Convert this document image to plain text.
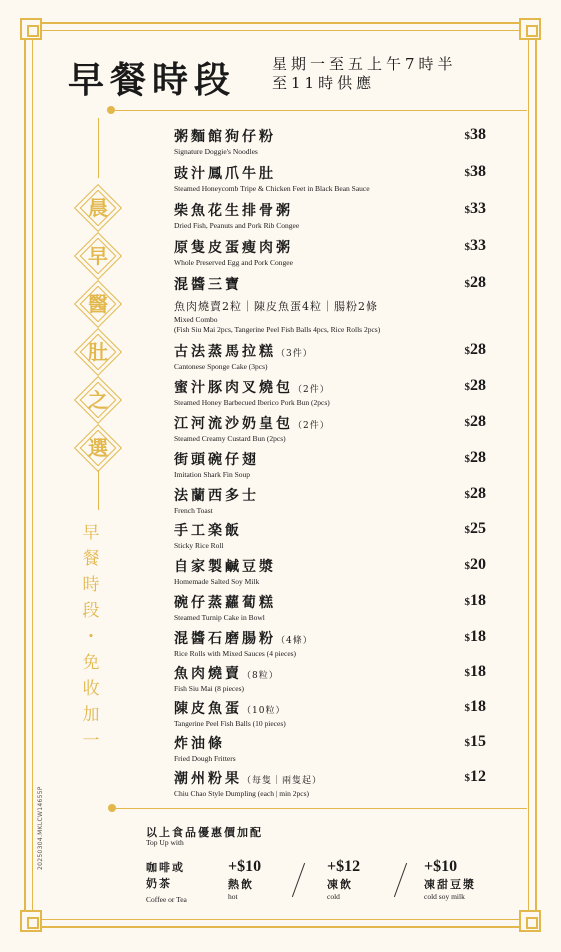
早餐時段 星期一至五上午7時半
至11時供應
晨
早
醫
肚
之
選
早
餐
時
段
・
免
收
加
一
20250304.MKLCW14655P
粥麵館狗仔粉
Signature Doggie's Noodles
$38
豉汁鳳爪牛肚
Steamed Honeycomb Tripe & Chicken Feet in Black Bean Sauce
$38
柴魚花生排骨粥
Dried Fish, Peanuts and Pork Rib Congee
$33
原隻皮蛋瘦肉粥
Whole Preserved Egg and Pork Congee
$33
混醬三寶
魚肉燒賣2粒｜陳皮魚蛋4粒｜腸粉2條
Mixed Combo
(Fish Siu Mai 2pcs, Tangerine Peel Fish Balls 4pcs, Rice Rolls 2pcs)
$28
古法蒸馬拉糕（3件）
Cantonese Sponge Cake (3pcs)
$28
蜜汁豚肉叉燒包（2件）
Steamed Honey Barbecued Iberico Pork Bun (2pcs)
$28
江河流沙奶皇包（2件）
Steamed Creamy Custard Bun (2pcs)
$28
街頭碗仔翅
Imitation Shark Fin Soup
$28
法蘭西多士
French Toast
$28
手工楽飯
Sticky Rice Roll
$25
自家製鹹豆漿
Homemade Salted Soy Milk
$20
碗仔蒸蘿蔔糕
Steamed Turnip Cake in Bowl
$18
混醬石磨腸粉（4條）
Rice Rolls with Mixed Sauces (4 pieces)
$18
魚肉燒賣（8粒）
Fish Siu Mai (8 pieces)
$18
陳皮魚蛋（10粒）
Tangerine Peel Fish Balls (10 pieces)
$18
炸油條
Fried Dough Fritters
$15
潮州粉果（每隻｜兩隻起）
Chiu Chao Style Dumpling (each | min 2pcs)
$12
以上食品優惠價加配
Top Up with
咖啡或
奶茶
Coffee or Tea
+$10
熱飲
hot
+$12
凍飲
cold
+$10
凍甜豆漿
cold soy milk
